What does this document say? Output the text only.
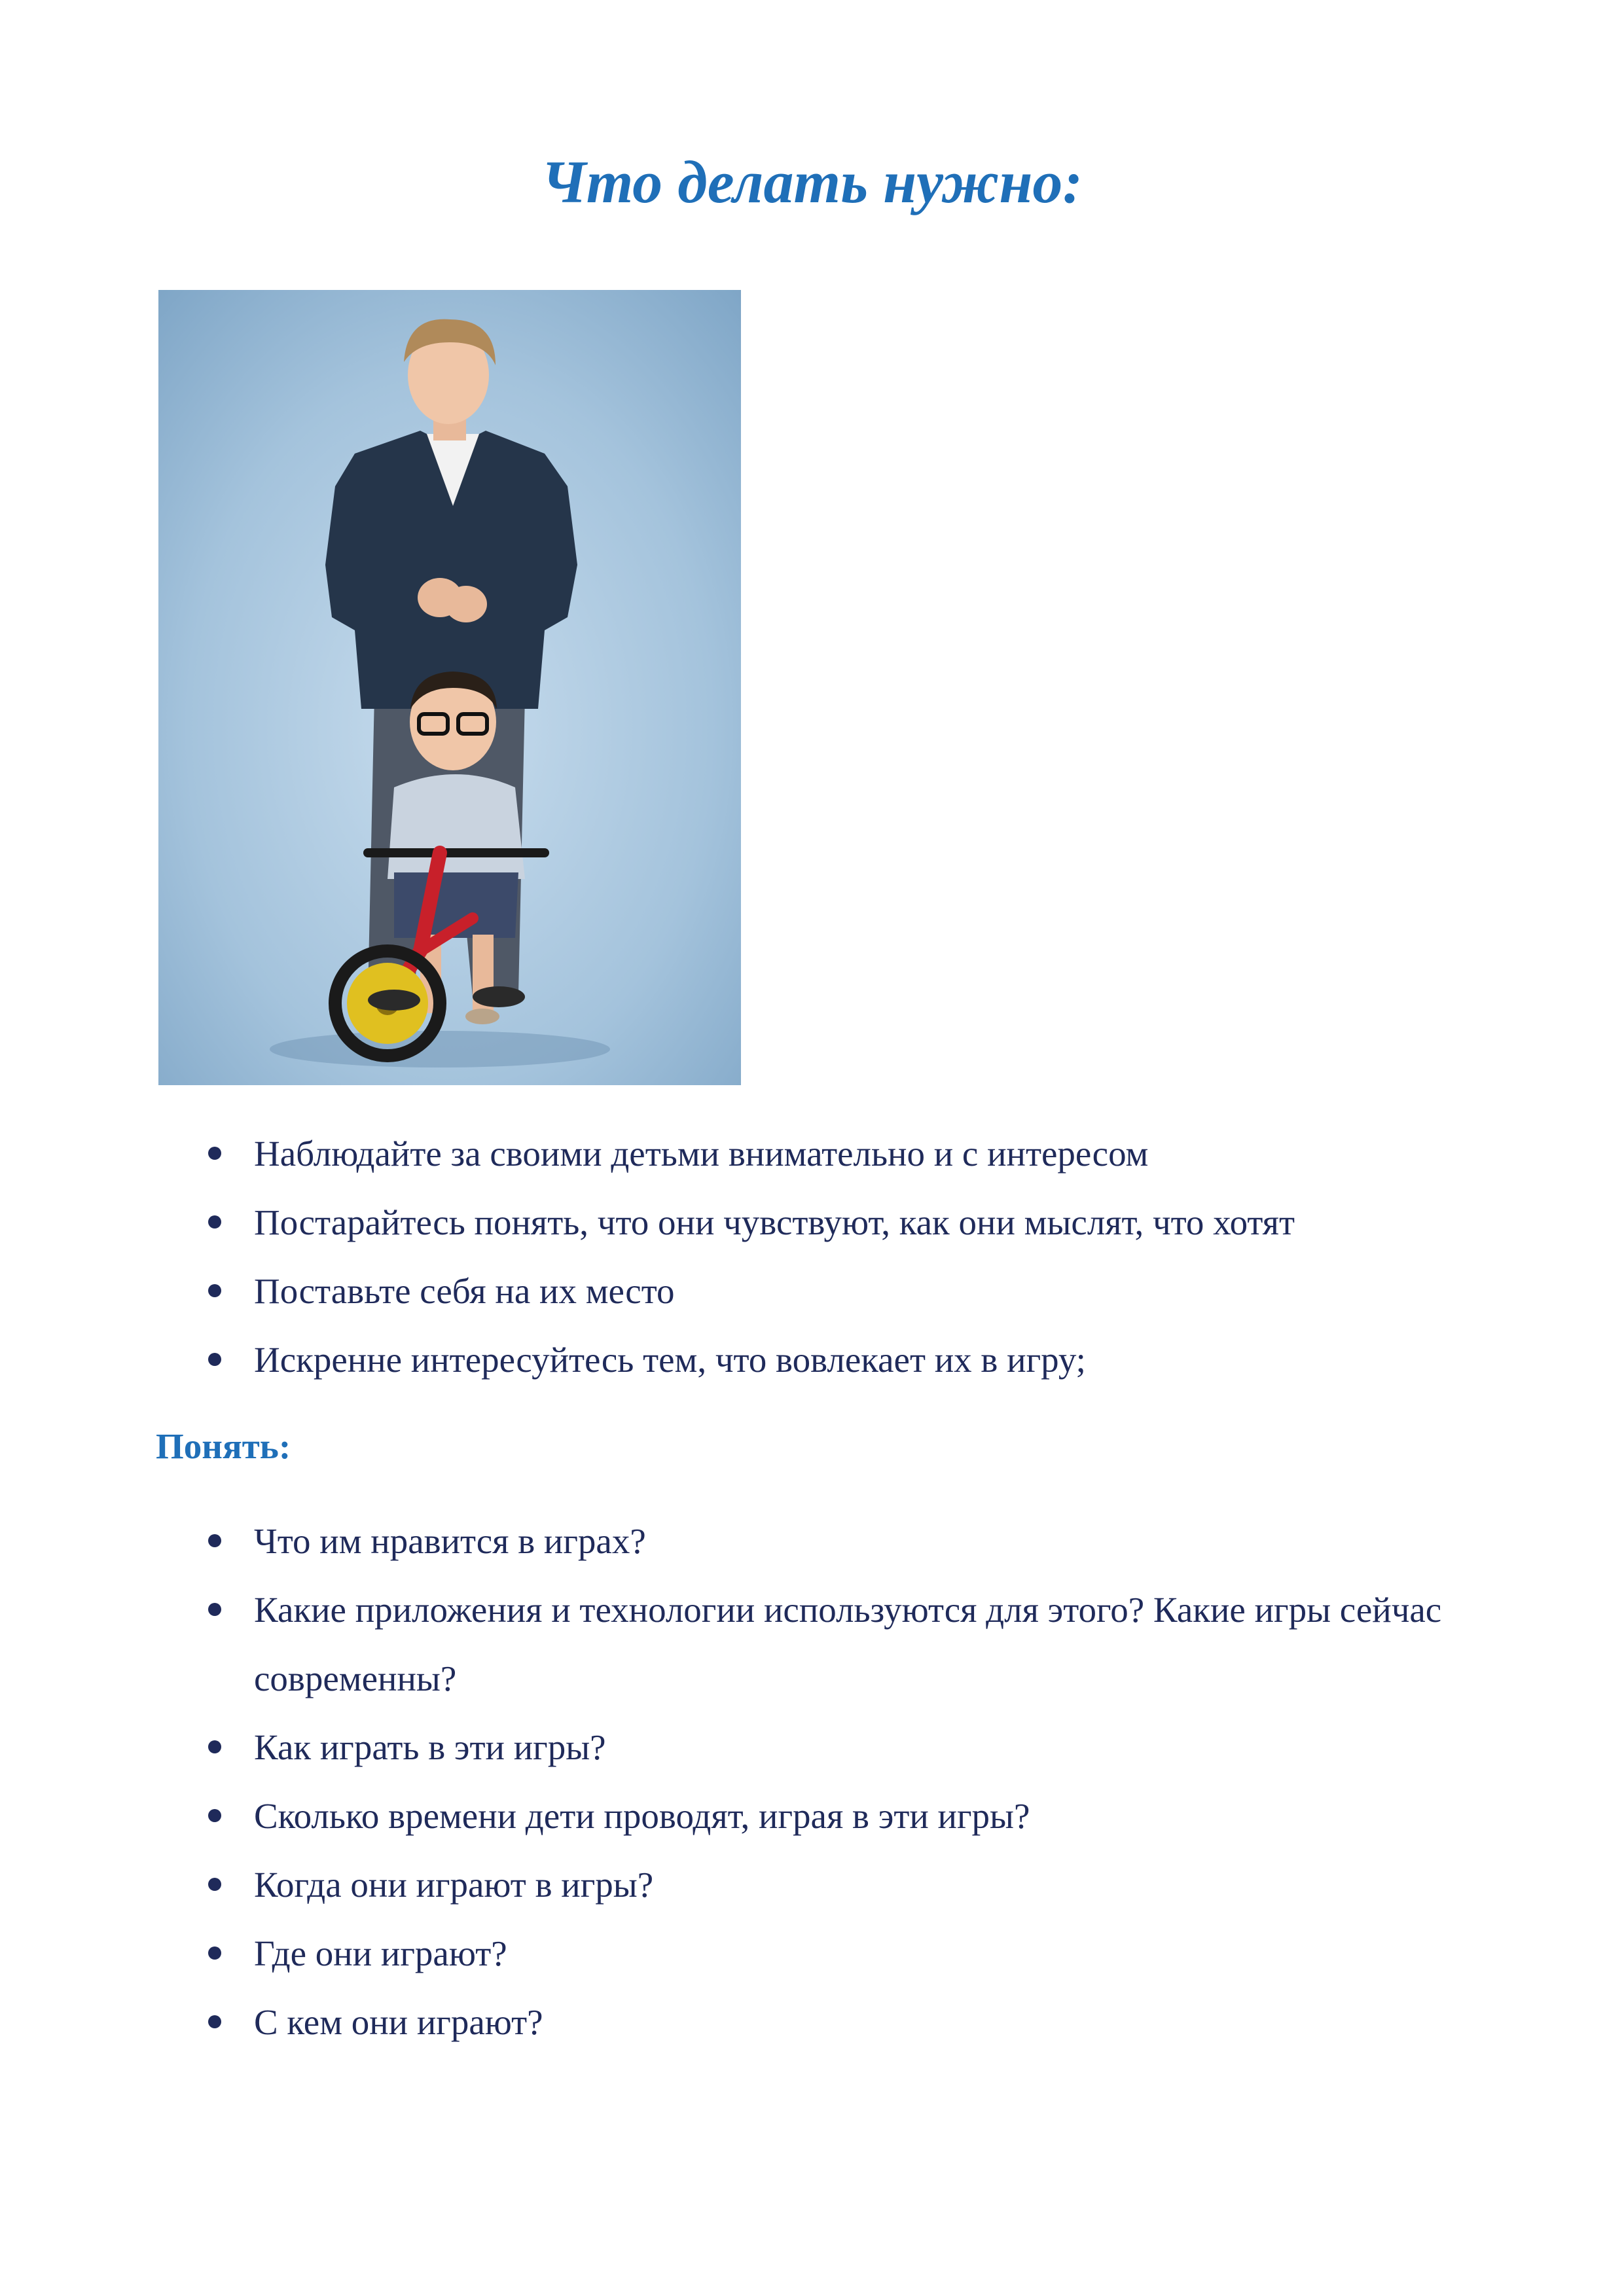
Что делать нужно:
Наблюдайте за своими детьми внимательно и с интересом
Постарайтесь понять, что они чувствуют, как они мыслят, что хотят
Поставьте себя на их место
Искренне интересуйтесь тем, что вовлекает их в игру;
Понять:
Что им нравится в играх?
Какие приложения и технологии используются для этого? Какие игры сейчас современны?
Как играть в эти игры?
Сколько времени дети проводят, играя в эти игры?
Когда они играют в игры?
Где они играют?
С кем они играют?
